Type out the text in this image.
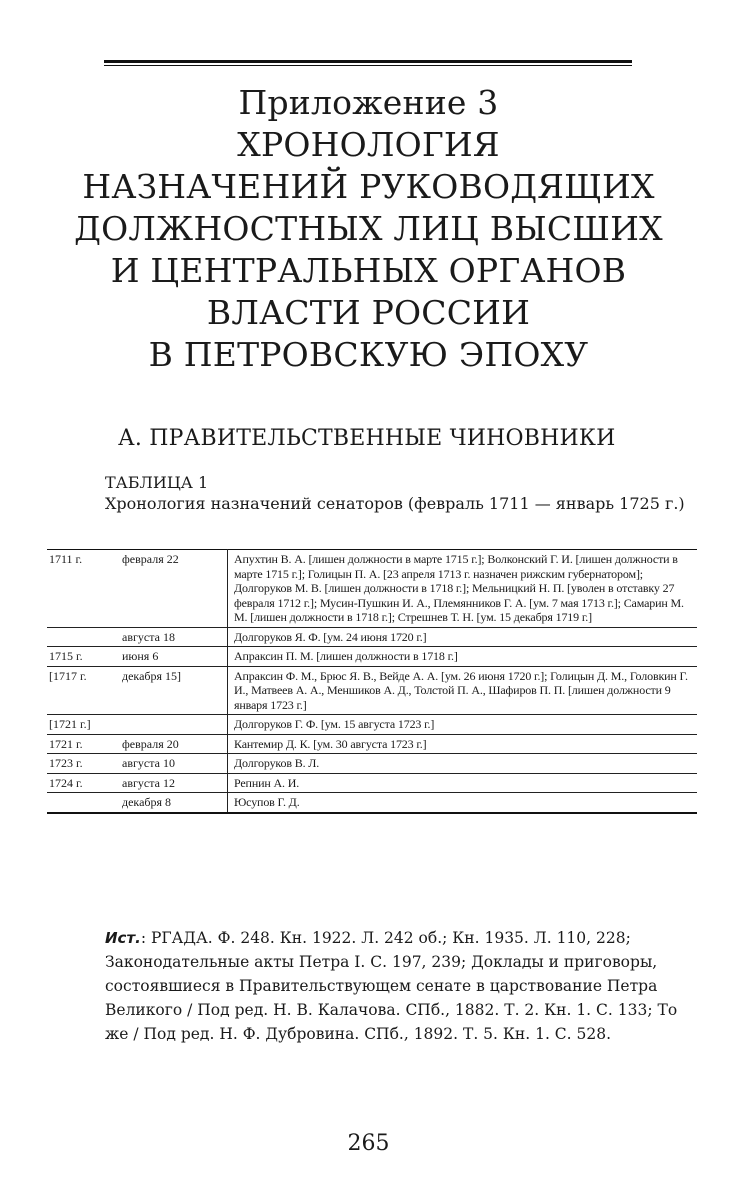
Приложение 3
ХРОНОЛОГИЯ
НАЗНАЧЕНИЙ РУКОВОДЯЩИХ
ДОЛЖНОСТНЫХ ЛИЦ ВЫСШИХ
И ЦЕНТРАЛЬНЫХ ОРГАНОВ
ВЛАСТИ РОССИИ
В ПЕТРОВСКУЮ ЭПОХУ
А. ПРАВИТЕЛЬСТВЕННЫЕ ЧИНОВНИКИ
ТАБЛИЦА 1
Хронология назначений сенаторов (февраль 1711 — январь 1725 г.)
1711 г.	февраля 22	Апухтин В. А. [лишен должности в марте 1715 г.]; Волконский Г. И. [лишен должности в марте 1715 г.]; Голицын П. А. [23 апреля 1713 г. назначен рижским губернатором]; Долгоруков М. В. [лишен должности в 1718 г.]; Мельницкий Н. П. [уволен в отставку 27 февраля 1712 г.]; Мусин-Пушкин И. А., Племянников Г. А. [ум. 7 мая 1713 г.]; Самарин М. М. [лишен должности в 1718 г.]; Стрешнев Т. Н. [ум. 15 декабря 1719 г.]
	августа 18	Долгоруков Я. Ф. [ум. 24 июня 1720 г.]
1715 г.	июня 6	Апраксин П. М. [лишен должности в 1718 г.]
[1717 г.	декабря 15]	Апраксин Ф. М., Брюс Я. В., Вейде А. А. [ум. 26 июня 1720 г.]; Голицын Д. М., Головкин Г. И., Матвеев А. А., Меншиков А. Д., Толстой П. А., Шафиров П. П. [лишен должности 9 января 1723 г.]
[1721 г.]		Долгоруков Г. Ф. [ум. 15 августа 1723 г.]
1721 г.	февраля 20	Кантемир Д. К. [ум. 30 августа 1723 г.]
1723 г.	августа 10	Долгоруков В. Л.
1724 г.	августа 12	Репнин А. И.
	декабря 8	Юсупов Г. Д.
Ист.: РГАДА. Ф. 248. Кн. 1922. Л. 242 об.; Кн. 1935. Л. 110, 228; Законодательные акты Петра I. С. 197, 239; Доклады и приговоры, состоявшиеся в Правительствующем сенате в царствование Петра Великого / Под ред. Н. В. Калачова. СПб., 1882. Т. 2. Кн. 1. С. 133; То же / Под ред. Н. Ф. Дубровина. СПб., 1892. Т. 5. Кн. 1. С. 528.
265
